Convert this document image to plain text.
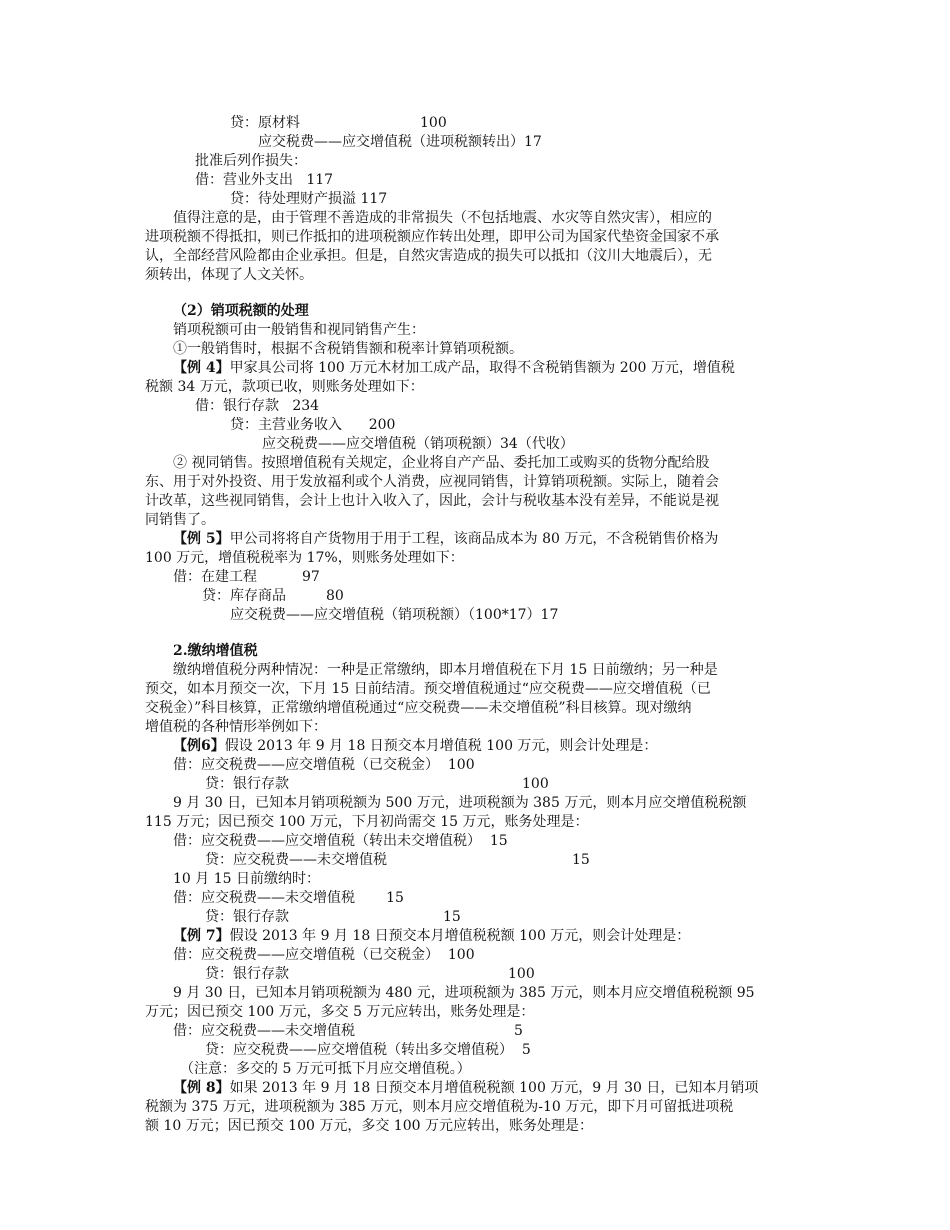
贷：原材料	100
应交税费——应交增值税（进项税额转出）17
批准后列作损失：
借：营业外支出   117
贷：待处理财产损溢 117
值得注意的是，由于管理不善造成的非常损失（不包括地震、水灾等自然灾害），相应的
进项税额不得抵扣，则已作抵扣的进项税额应作转出处理，即甲公司为国家代垫资金国家不承
认，全部经营风险都由企业承担。但是，自然灾害造成的损失可以抵扣（汶川大地震后），无
须转出，体现了人文关怀。
（2）销项税额的处理
销项税额可由一般销售和视同销售产生：
①一般销售时，根据不含税销售额和税率计算销项税额。
【例 4】甲家具公司将 100 万元木材加工成产品，取得不含税销售额为 200 万元，增值税
税额 34 万元，款项已收，则账务处理如下：
借：银行存款   234
贷：主营业务收入      200
应交税费——应交增值税（销项税额）34（代收）
② 视同销售。按照增值税有关规定，企业将自产产品、委托加工或购买的货物分配给股
东、用于对外投资、用于发放福利或个人消费，应视同销售，计算销项税额。实际上，随着会
计改革，这些视同销售，会计上也计入收入了，因此，会计与税收基本没有差异，不能说是视
同销售了。
【例 5】甲公司将将自产货物用于用于工程，该商品成本为 80 万元，不含税销售价格为
100 万元，增值税税率为 17%，则账务处理如下：
借：在建工程	97
贷：库存商品	80
应交税费——应交增值税（销项税额）（100*17）17
2.缴纳增值税
缴纳增值税分两种情况：一种是正常缴纳，即本月增值税在下月 15 日前缴纳；另一种是
预交，如本月预交一次，下月 15 日前结清。预交增值税通过“应交税费——应交增值税（已
交税金）”科目核算，正常缴纳增值税通过“应交税费——未交增值税”科目核算。现对缴纳
增值税的各种情形举例如下：
【例6】假设 2013 年 9 月 18 日预交本月增值税 100 万元，则会计处理是：
借：应交税费——应交增值税（已交税金）  100
贷：银行存款	100
9 月 30 日，已知本月销项税额为 500 万元，进项税额为 385 万元，则本月应交增值税税额
115 万元；因已预交 100 万元，下月初尚需交 15 万元，账务处理是：
借：应交税费——应交增值税（转出未交增值税）  15
贷：应交税费——未交增值税	15
10 月 15 日前缴纳时：
借：应交税费——未交增值税       15
贷：银行存款	15
【例 7】假设 2013 年 9 月 18 日预交本月增值税税额 100 万元，则会计处理是：
借：应交税费——应交增值税（已交税金）  100
贷：银行存款	100
9 月 30 日，已知本月销项税额为 480 元，进项税额为 385 万元，则本月应交增值税税额 95
万元；因已预交 100 万元，多交 5 万元应转出，账务处理是：
借：应交税费——未交增值税	5
贷：应交税费——应交增值税（转出多交增值税）  5
（注意：多交的 5 万元可抵下月应交增值税。）
【例 8】如果 2013 年 9 月 18 日预交本月增值税税额 100 万元，9 月 30 日，已知本月销项
税额为 375 万元，进项税额为 385 万元，则本月应交增值税为-10 万元，即下月可留抵进项税
额 10 万元；因已预交 100 万元，多交 100 万元应转出，账务处理是：
